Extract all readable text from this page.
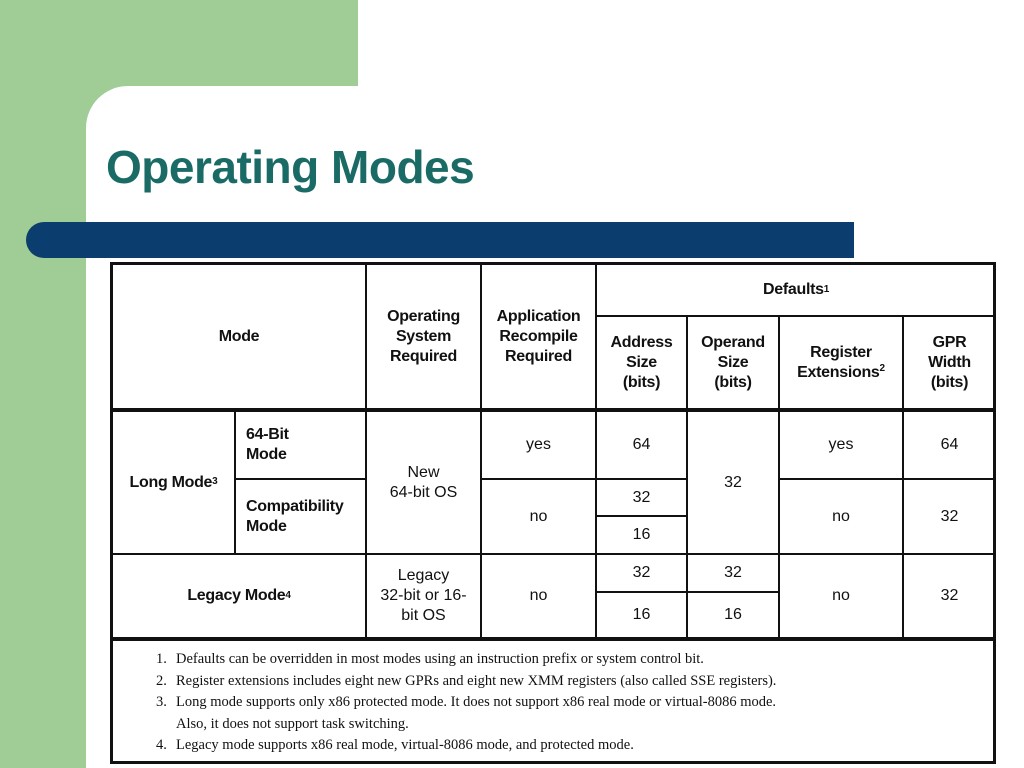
Operating Modes
Mode
Operating
System
Required
Application
Recompile
Required
Defaults 1
Address
Size
(bits)
Operand
Size
(bits)
Register
Extensions$^2$
GPR
Width
(bits)
Long Mode 3
64-Bit
Mode
Compatibility
Mode
New
64-bit OS
yes
no
64
32
16
32
yes
no
64
32
Legacy Mode 4
Legacy
32-bit or 16-
bit OS
no
32
16
32
16
no	32
1. Defaults can be overridden in most modes using an instruction prefix or system control bit.
2. Register extensions includes eight new GPRs and eight new XMM registers (also called SSE registers).
3. Long mode supports only x86 protected mode. It does not support x86 real mode or virtual-8086 mode.
Also, it does not support task switching.
4. Legacy mode supports x86 real mode, virtual-8086 mode, and protected mode.
